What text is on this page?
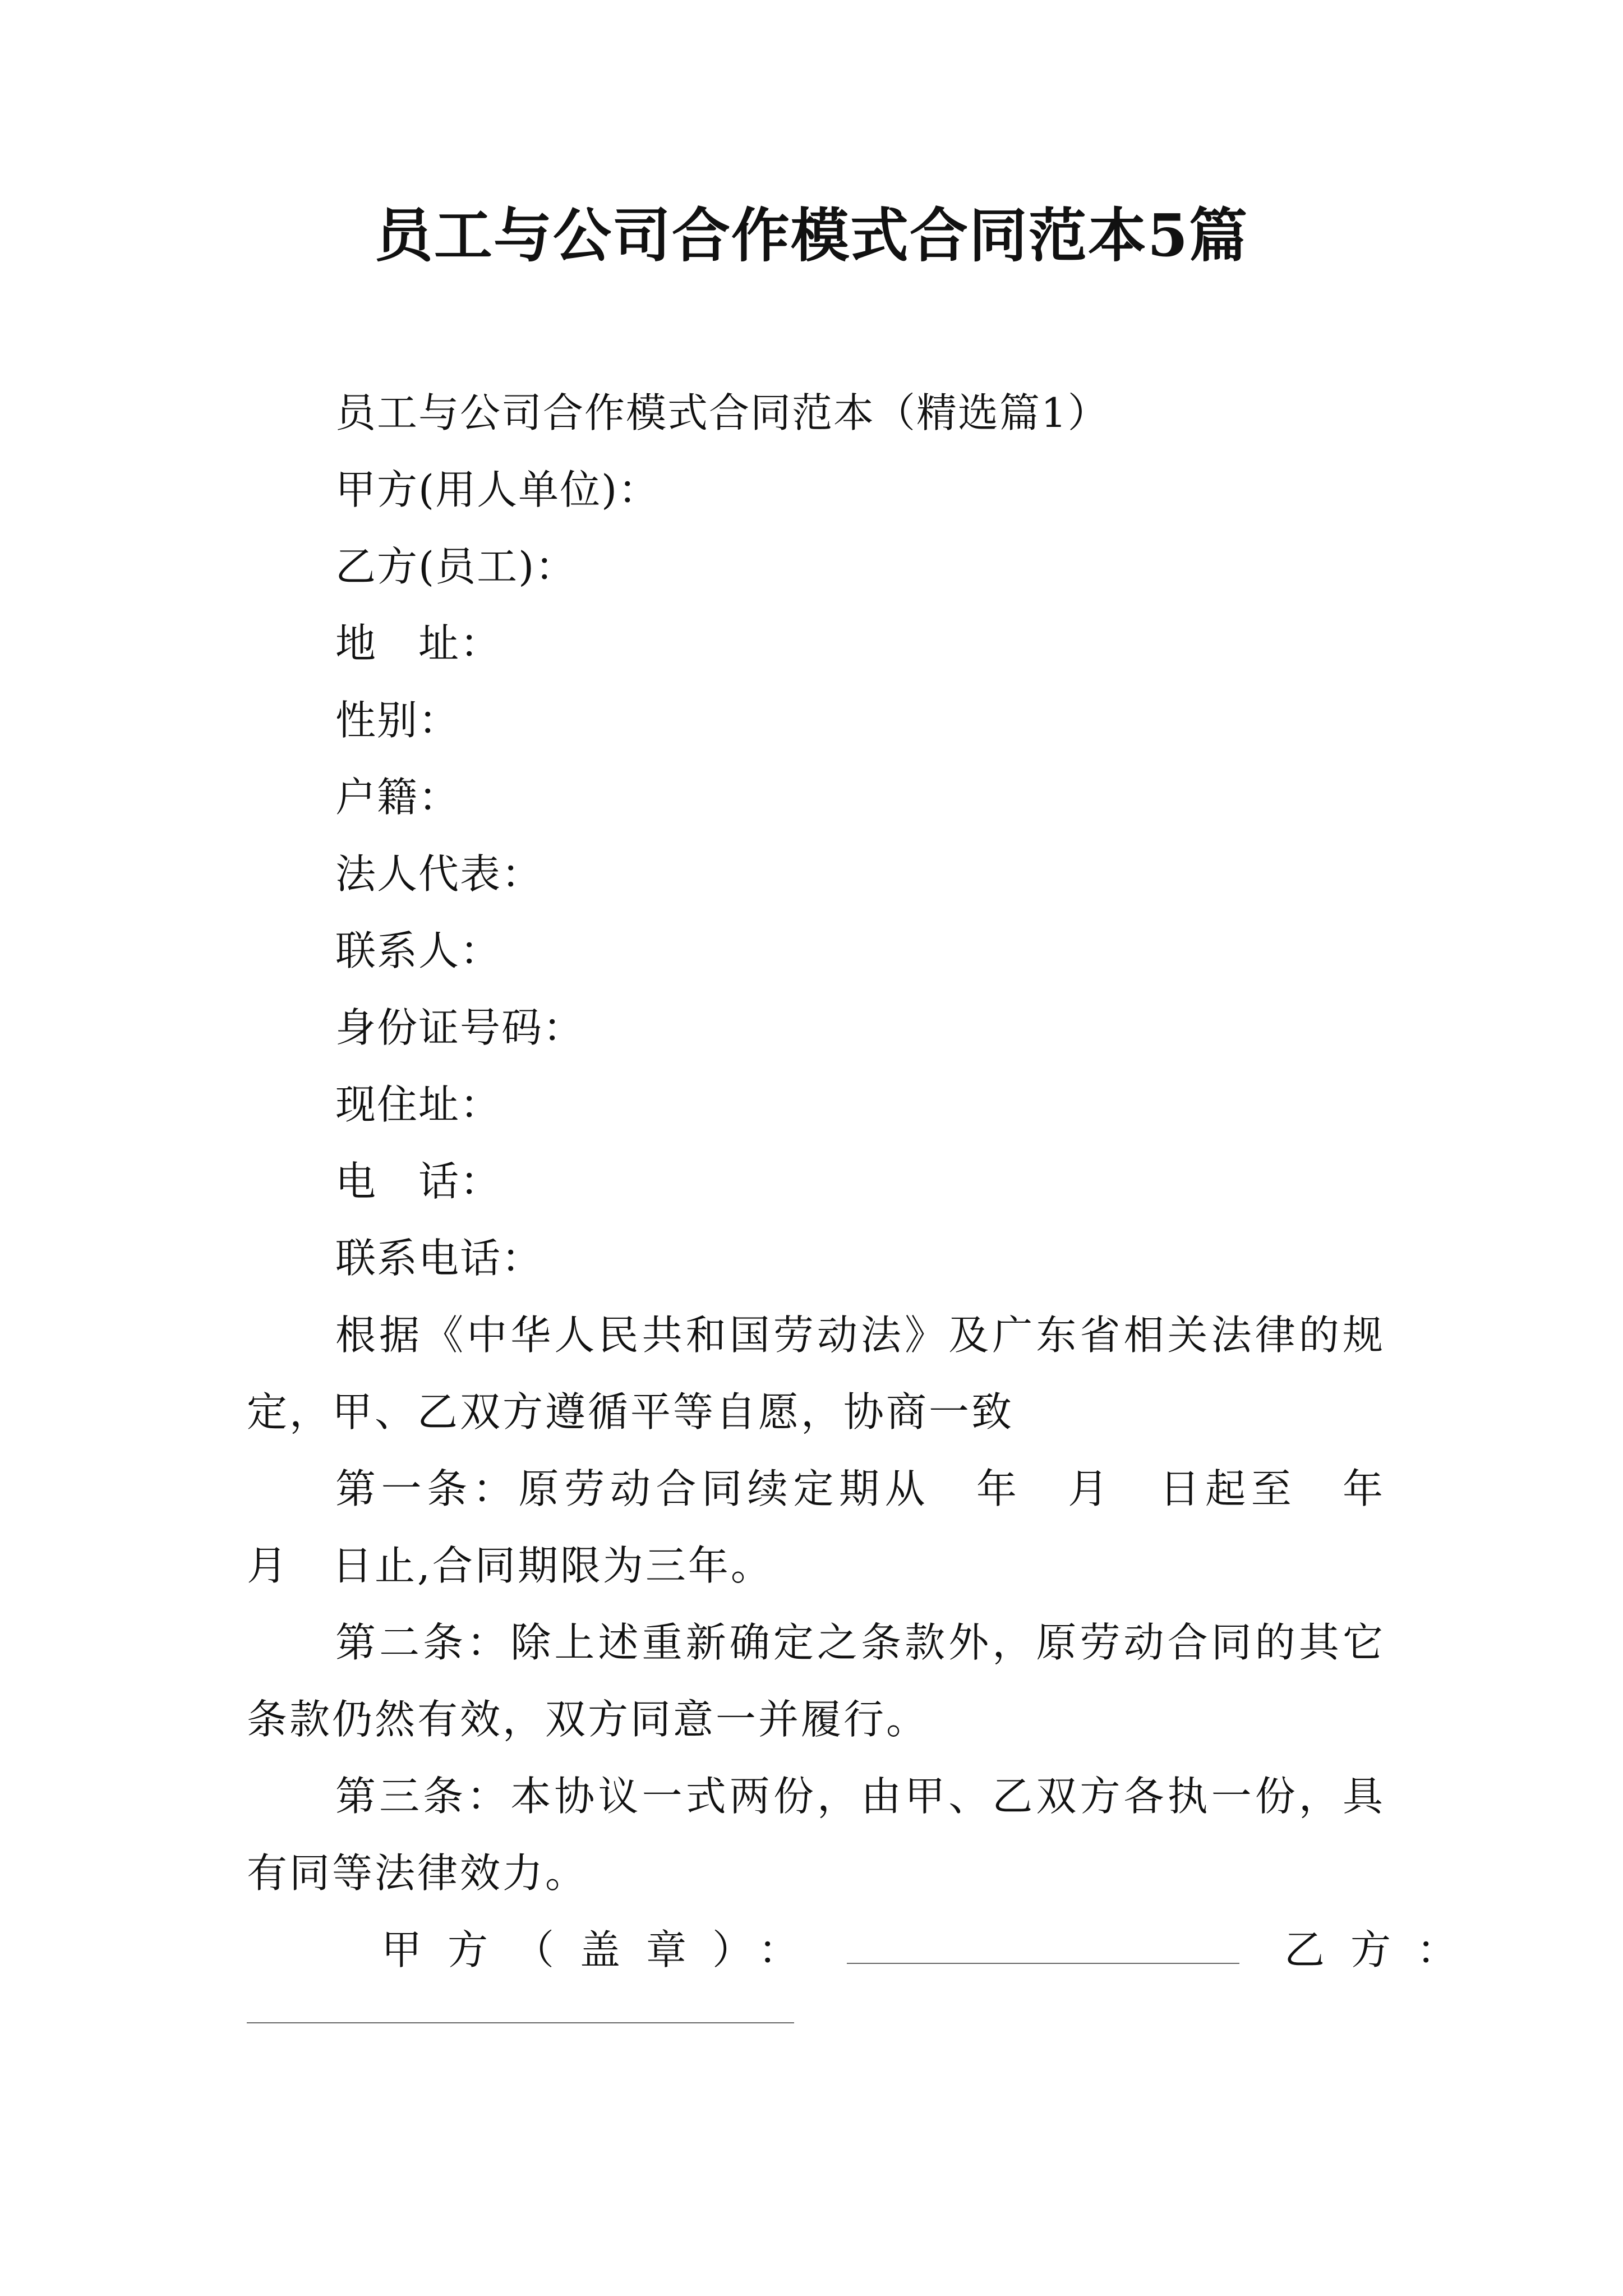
员工与公司合作模式合同范本5篇
员工与公司合作模式合同范本（精选篇1）
甲方(用人单位)：
乙方(员工)：
地　址：
性别：
户籍：
法人代表：
联系人：
身份证号码：
现住址：
电　话：
联系电话：

根据《中华人民共和国劳动法》及广东省相关法律的规定，甲、乙双方遵循平等自愿，协商一致

第一条：原劳动合同续定期从　年　月　日起至　年　月　日止,合同期限为三年。

第二条：除上述重新确定之条款外，原劳动合同的其它条款仍然有效，双方同意一并履行。

第三条：本协议一式两份，由甲、乙双方各执一份，具有同等法律效力。

甲方（盖章）：	乙方：
